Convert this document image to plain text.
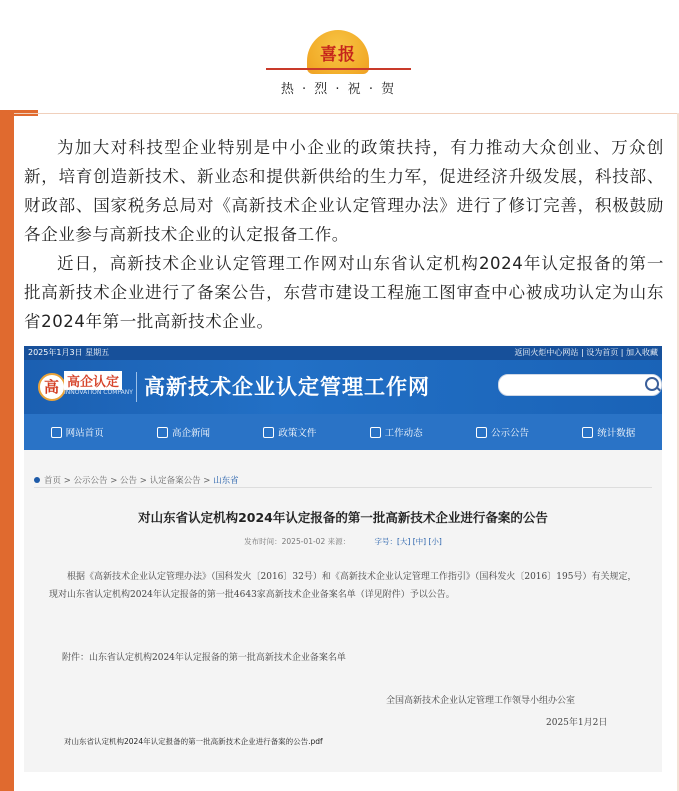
喜报
热 · 烈 · 祝 · 贺

为加大对科技型企业特别是中小企业的政策扶持，有力推动大众创业、万众创新，培育创造新技术、新业态和提供新供给的生力军，促进经济升级发展，科技部、财政部、国家税务总局对《高新技术企业认定管理办法》进行了修订完善，积极鼓励各企业参与高新技术企业的认定报备工作。

近日，高新技术企业认定管理工作网对山东省认定机构2024年认定报备的第一批高新技术企业进行了备案公告，东营市建设工程施工图审查中心被成功认定为山东省2024年第一批高新技术企业。

2025年1月3日 星期五	返回火炬中心网站 | 设为首页 | 加入收藏
高 高企认定
INNOVATION COMPANY 高新技术企业认定管理工作网
网站首页	高企新闻	政策文件	工作动态	公示公告	统计数据
首页 > 公示公告 > 公告 > 认定备案公告 > 山东省
对山东省认定机构2024年认定报备的第一批高新技术企业进行备案的公告
发布时间：2025-01-02 来源：	字号：[大] [中] [小]
根据《高新技术企业认定管理办法》（国科发火〔2016〕32号）和《高新技术企业认定管理工作指引》（国科发火〔2016〕195号）有关规定，现对山东省认定机构2024年认定报备的第一批4643家高新技术企业备案名单（详见附件）予以公告。
附件：山东省认定机构2024年认定报备的第一批高新技术企业备案名单
全国高新技术企业认定管理工作领导小组办公室
2025年1月2日
对山东省认定机构2024年认定报备的第一批高新技术企业进行备案的公告.pdf
